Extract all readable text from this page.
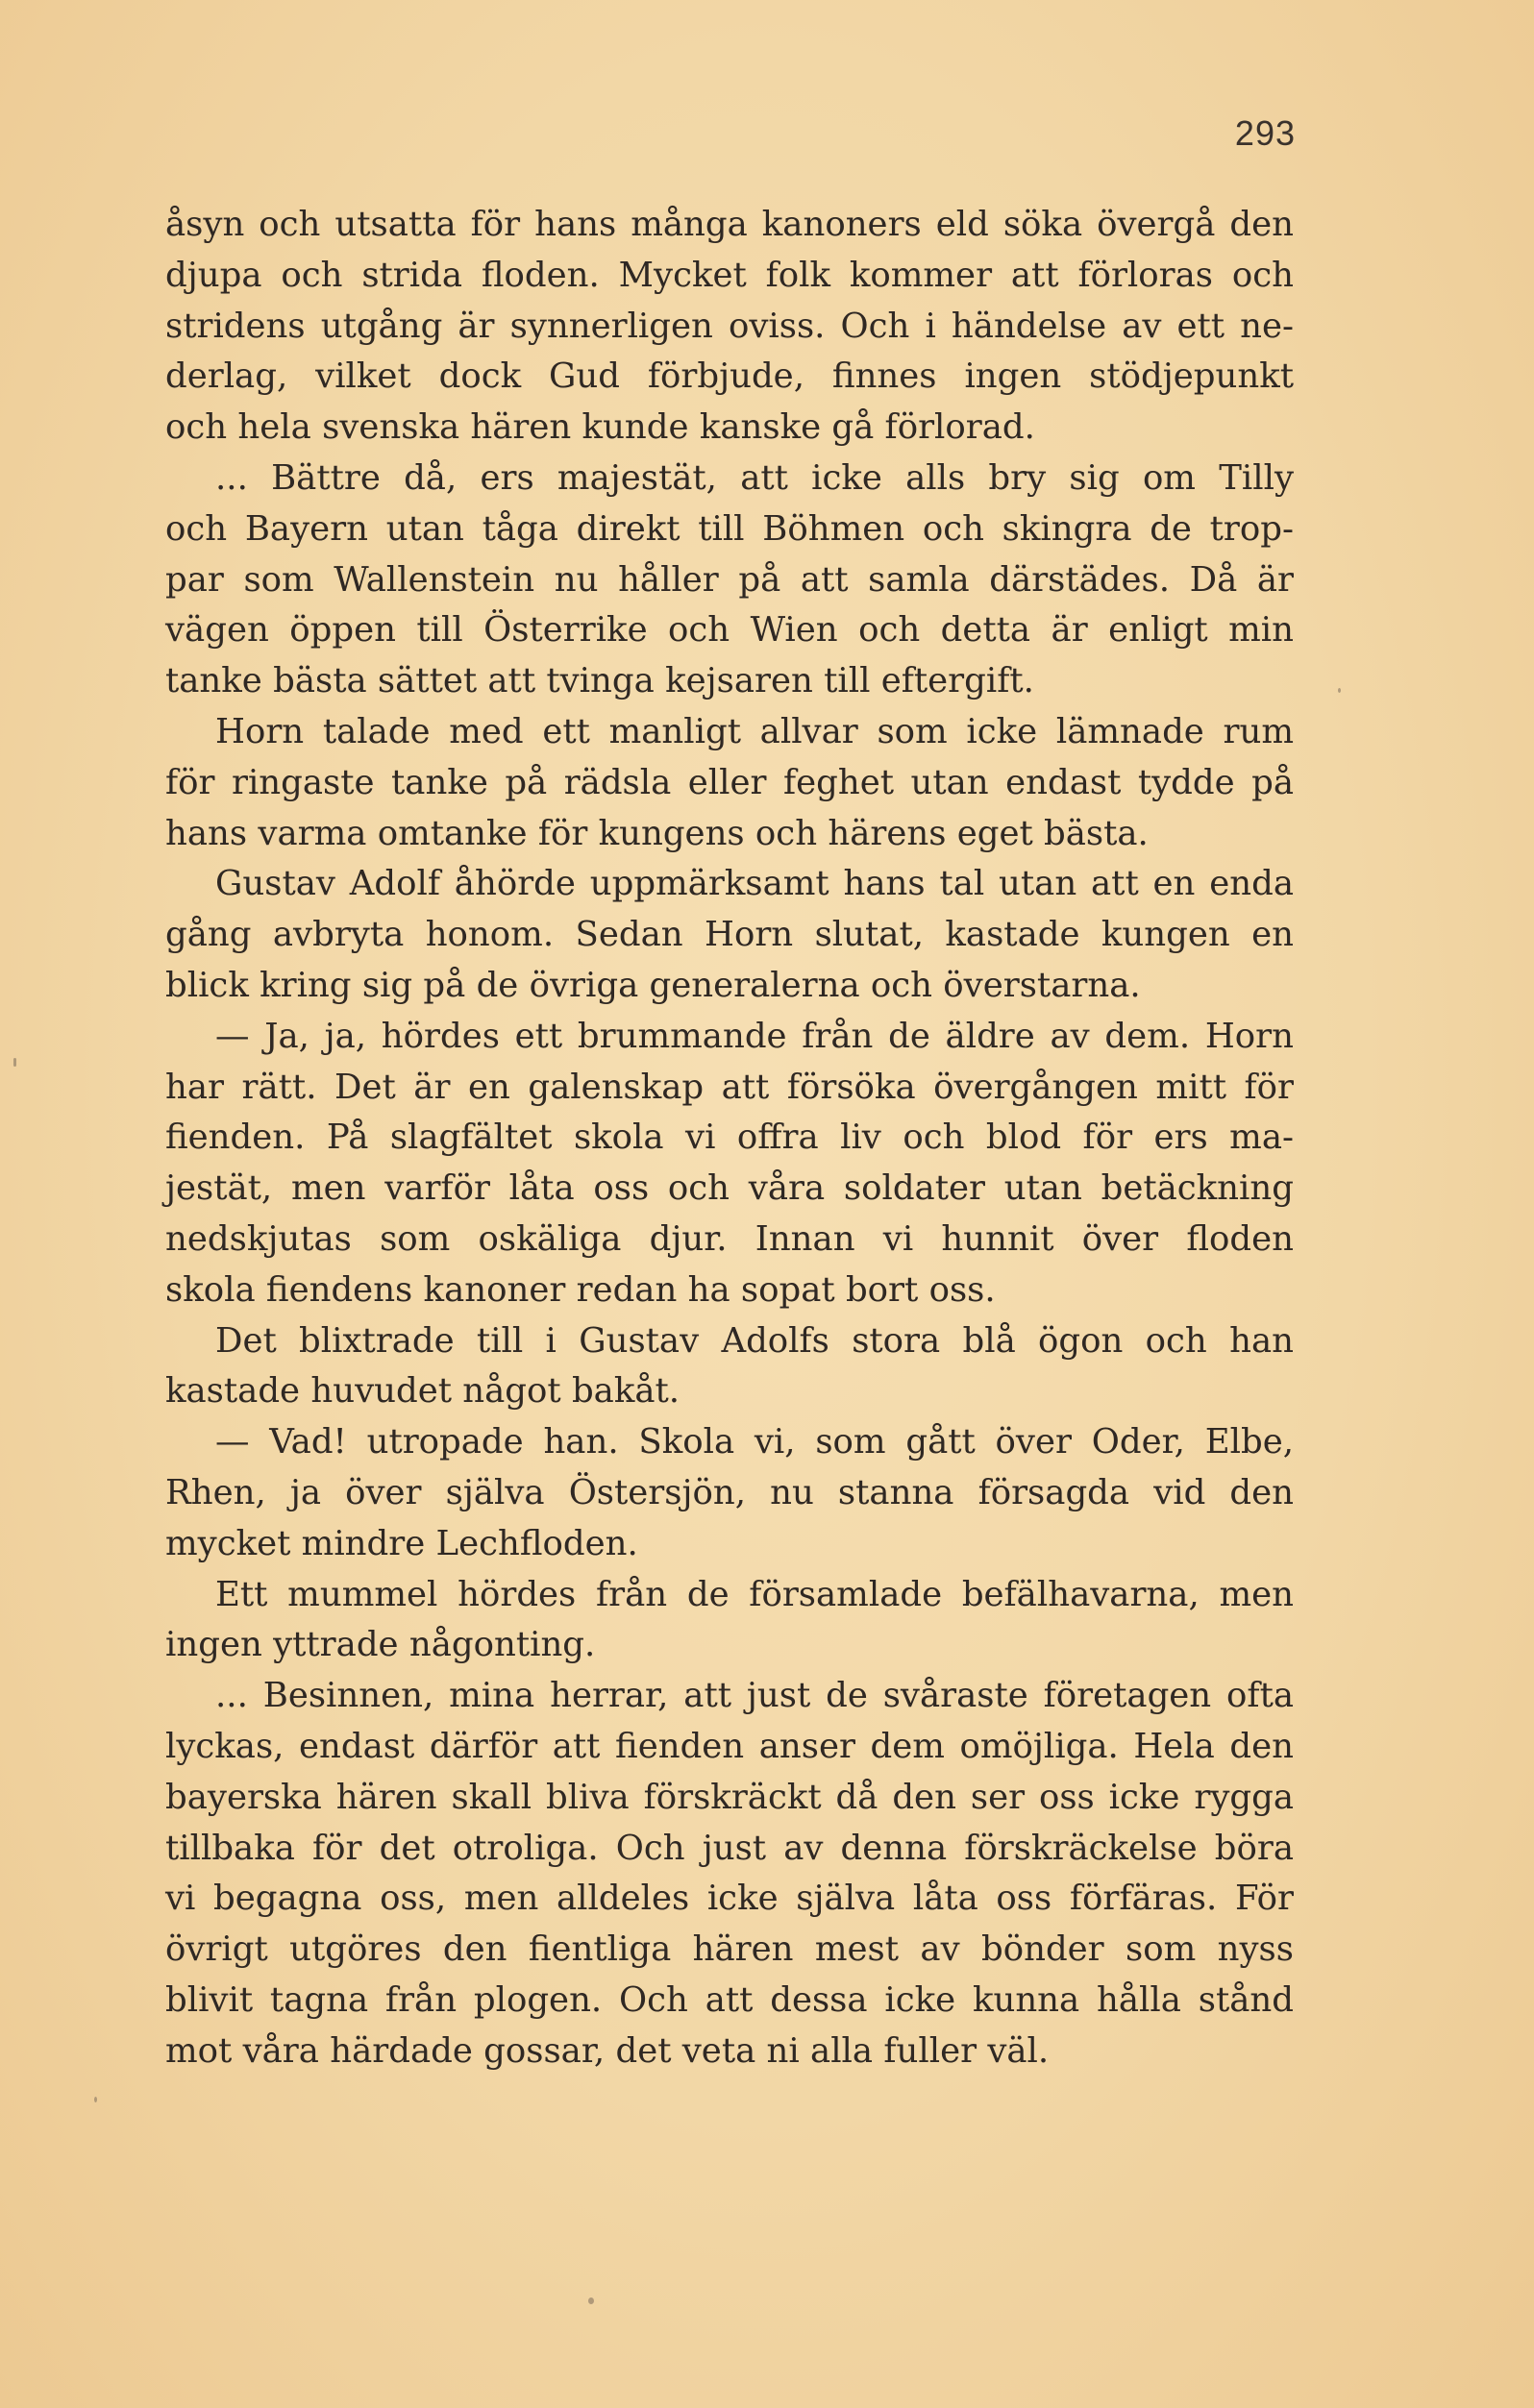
293
åsyn och utsatta för hans många kanoners eld söka övergå den
djupa och strida floden. Mycket folk kommer att förloras och
stridens utgång är synnerligen oviss. Och i händelse av ett ne-
derlag, vilket dock Gud förbjude, finnes ingen stödjepunkt
och hela svenska hären kunde kanske gå förlorad.
... Bättre då, ers majestät, att icke alls bry sig om Tilly
och Bayern utan tåga direkt till Böhmen och skingra de trop-
par som Wallenstein nu håller på att samla därstädes. Då är
vägen öppen till Österrike och Wien och detta är enligt min
tanke bästa sättet att tvinga kejsaren till eftergift.
Horn talade med ett manligt allvar som icke lämnade rum
för ringaste tanke på rädsla eller feghet utan endast tydde på
hans varma omtanke för kungens och härens eget bästa.
Gustav Adolf åhörde uppmärksamt hans tal utan att en enda
gång avbryta honom. Sedan Horn slutat, kastade kungen en
blick kring sig på de övriga generalerna och överstarna.
— Ja, ja, hördes ett brummande från de äldre av dem. Horn
har rätt. Det är en galenskap att försöka övergången mitt för
fienden. På slagfältet skola vi offra liv och blod för ers ma-
jestät, men varför låta oss och våra soldater utan betäckning
nedskjutas som oskäliga djur. Innan vi hunnit över floden
skola fiendens kanoner redan ha sopat bort oss.
Det blixtrade till i Gustav Adolfs stora blå ögon och han
kastade huvudet något bakåt.
— Vad! utropade han. Skola vi, som gått över Oder, Elbe,
Rhen, ja över själva Östersjön, nu stanna försagda vid den
mycket mindre Lechfloden.
Ett mummel hördes från de församlade befälhavarna, men
ingen yttrade någonting.
... Besinnen, mina herrar, att just de svåraste företagen ofta
lyckas, endast därför att fienden anser dem omöjliga. Hela den
bayerska hären skall bliva förskräckt då den ser oss icke rygga
tillbaka för det otroliga. Och just av denna förskräckelse böra
vi begagna oss, men alldeles icke själva låta oss förfäras. För
övrigt utgöres den fientliga hären mest av bönder som nyss
blivit tagna från plogen. Och att dessa icke kunna hålla stånd
mot våra härdade gossar, det veta ni alla fuller väl.
